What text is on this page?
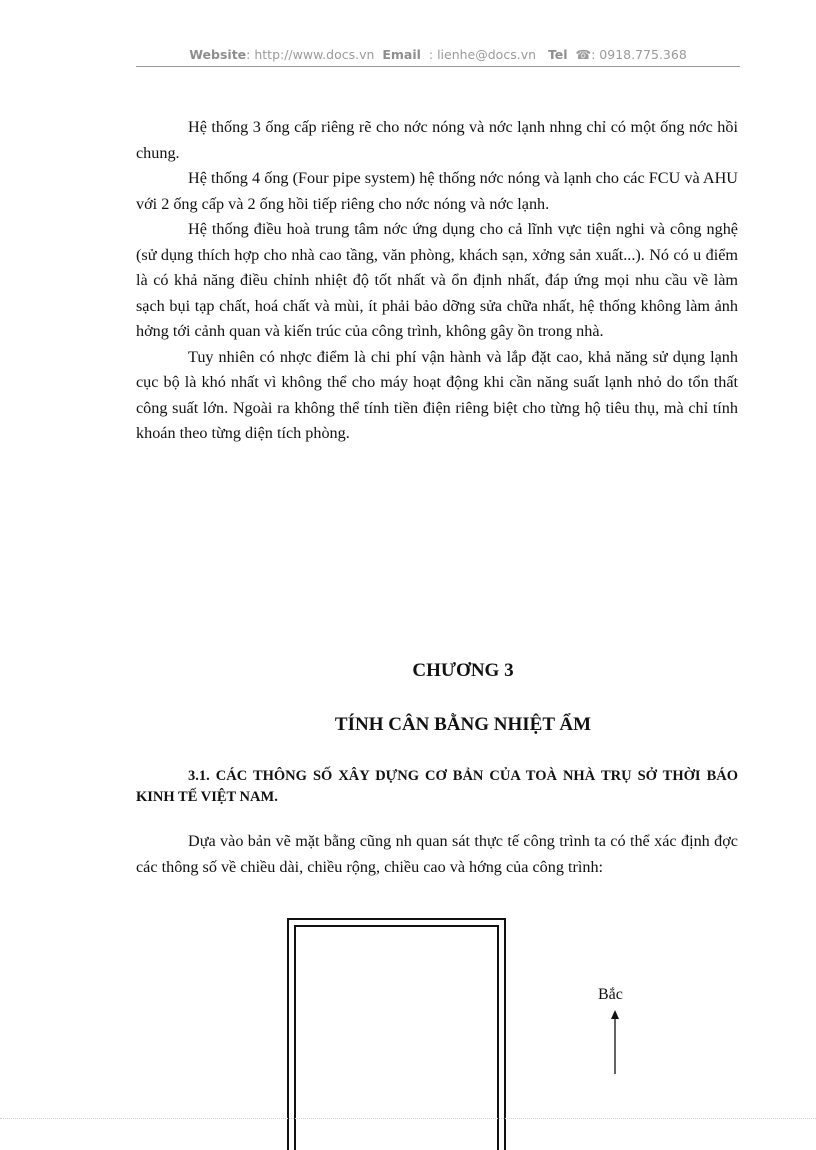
Website: http://www.docs.vn Email : lienhe@docs.vn Tel ☎: 0918.775.368

Hệ thống 3 ống cấp riêng rẽ cho nớc nóng và nớc lạnh nhng chỉ có một ống nớc hồi chung.

Hệ thống 4 ống (Four pipe system) hệ thống nớc nóng và lạnh cho các FCU và AHU với 2 ống cấp và 2 ống hồi tiếp riêng cho nớc nóng và nớc lạnh.

Hệ thống điều hoà trung tâm nớc ứng dụng cho cả lĩnh vực tiện nghi và công nghệ (sử dụng thích hợp cho nhà cao tầng, văn phòng, khách sạn, xởng sản xuất...). Nó có u điểm là có khả năng điều chỉnh nhiệt độ tốt nhất và ổn định nhất, đáp ứng mọi nhu cầu về làm sạch bụi tạp chất, hoá chất và mùi, ít phải bảo dỡng sửa chữa nhất, hệ thống không làm ảnh hởng tới cảnh quan và kiến trúc của công trình, không gây ồn trong nhà.

Tuy nhiên có nhợc điểm là chi phí vận hành và lắp đặt cao, khả năng sử dụng lạnh cục bộ là khó nhất vì không thể cho máy hoạt động khi cần năng suất lạnh nhỏ do tổn thất công suất lớn. Ngoài ra không thể tính tiền điện riêng biệt cho từng hộ tiêu thụ, mà chỉ tính khoán theo từng diện tích phòng.

CHƯƠNG 3
TÍNH CÂN BẰNG NHIỆT ẨM

3.1. CÁC THÔNG SỐ XÂY DỰNG CƠ BẢN CỦA TOÀ NHÀ TRỤ SỞ THỜI BÁO KINH TẾ VIỆT NAM.

Dựa vào bản vẽ mặt bằng cũng nh quan sát thực tế công trình ta có thể xác định đợc các thông số về chiều dài, chiều rộng, chiều cao và hớng của công trình:

Bắc
